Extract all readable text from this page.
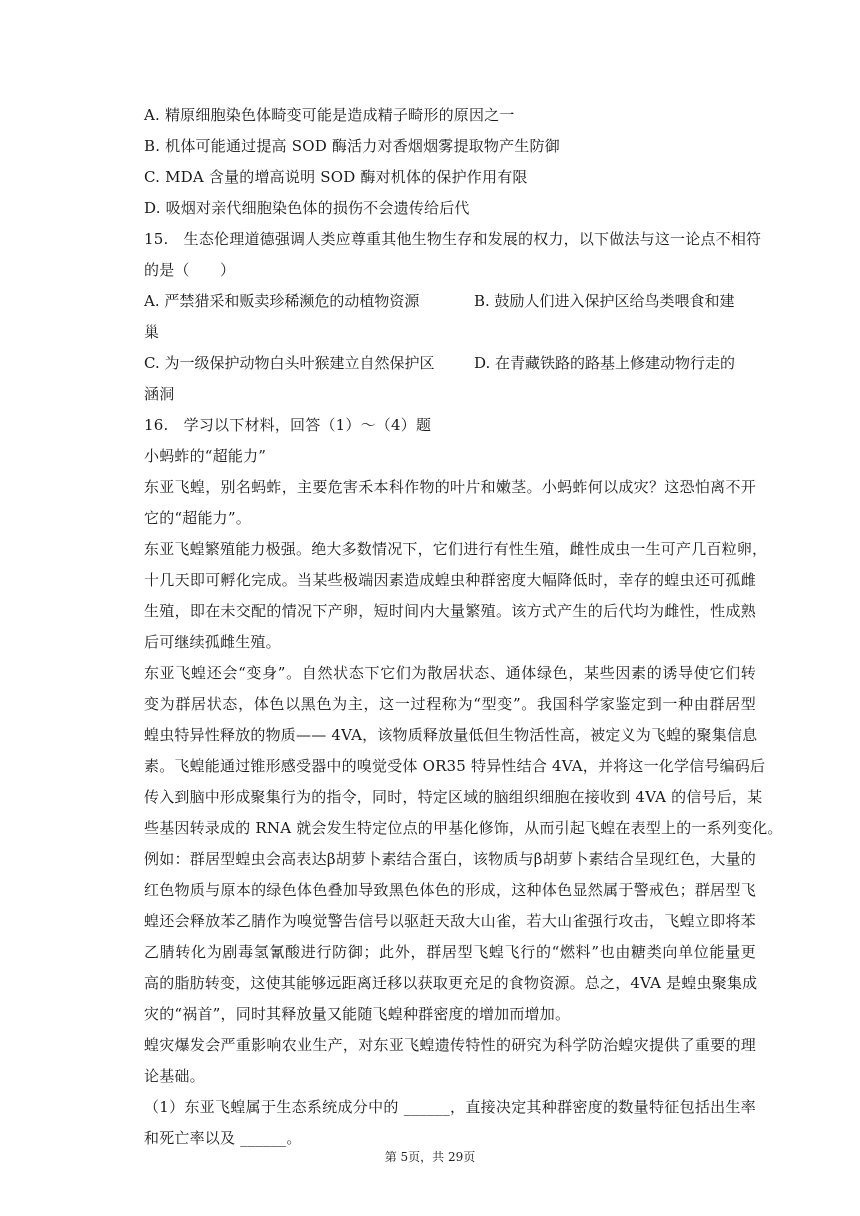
A. 精原细胞染色体畸变可能是造成精子畸形的原因之一
B. 机体可能通过提高 SOD 酶活力对香烟烟雾提取物产生防御
C. MDA 含量的增高说明 SOD 酶对机体的保护作用有限
D. 吸烟对亲代细胞染色体的损伤不会遗传给后代
15.　生态伦理道德强调人类应尊重其他生物生存和发展的权力，以下做法与这一论点不相符
的是（　　）
A. 严禁猎采和贩卖珍稀濒危的动植物资源	B. 鼓励人们进入保护区给鸟类喂食和建
巢
C. 为一级保护动物白头叶猴建立自然保护区	D. 在青藏铁路的路基上修建动物行走的
涵洞
16.　学习以下材料，回答（1）～（4）题
小蚂蚱的“超能力”
东亚飞蝗，别名蚂蚱，主要危害禾本科作物的叶片和嫩茎。小蚂蚱何以成灾？这恐怕离不开
它的“超能力”。
东亚飞蝗繁殖能力极强。绝大多数情况下，它们进行有性生殖，雌性成虫一生可产几百粒卵，
十几天即可孵化完成。当某些极端因素造成蝗虫种群密度大幅降低时，幸存的蝗虫还可孤雌
生殖，即在未交配的情况下产卵，短时间内大量繁殖。该方式产生的后代均为雌性，性成熟
后可继续孤雌生殖。
东亚飞蝗还会“变身”。自然状态下它们为散居状态、通体绿色，某些因素的诱导使它们转
变为群居状态，体色以黑色为主，这一过程称为“型变”。我国科学家鉴定到一种由群居型
蝗虫特异性释放的物质—— 4VA，该物质释放量低但生物活性高，被定义为飞蝗的聚集信息
素。飞蝗能通过锥形感受器中的嗅觉受体 OR35 特异性结合 4VA，并将这一化学信号编码后
传入到脑中形成聚集行为的指令，同时，特定区域的脑组织细胞在接收到 4VA 的信号后，某
些基因转录成的 RNA 就会发生特定位点的甲基化修饰，从而引起飞蝗在表型上的一系列变化。
例如：群居型蝗虫会高表达β胡萝卜素结合蛋白，该物质与β胡萝卜素结合呈现红色，大量的
红色物质与原本的绿色体色叠加导致黑色体色的形成，这种体色显然属于警戒色；群居型飞
蝗还会释放苯乙腈作为嗅觉警告信号以驱赶天敌大山雀，若大山雀强行攻击，飞蝗立即将苯
乙腈转化为剧毒氢氰酸进行防御；此外，群居型飞蝗飞行的“燃料”也由糖类向单位能量更
高的脂肪转变，这使其能够远距离迁移以获取更充足的食物资源。总之，4VA 是蝗虫聚集成
灾的“祸首”，同时其释放量又能随飞蝗种群密度的增加而增加。
蝗灾爆发会严重影响农业生产，对东亚飞蝗遗传特性的研究为科学防治蝗灾提供了重要的理
论基础。
（1）东亚飞蝗属于生态系统成分中的 ______，直接决定其种群密度的数量特征包括出生率
和死亡率以及 ______。
第 5页，共 29页
